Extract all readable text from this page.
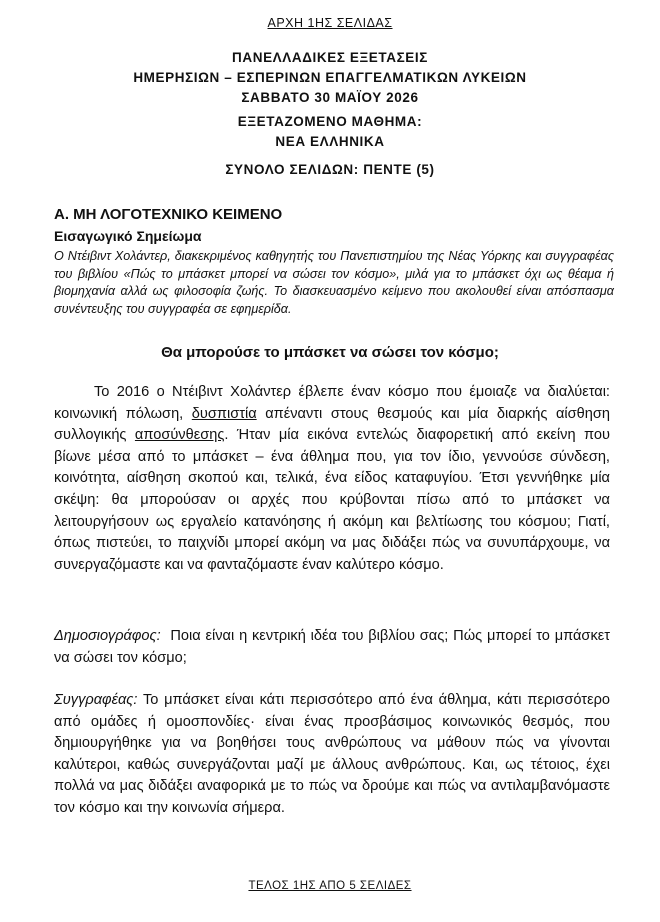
ΑΡΧΗ 1ΗΣ ΣΕΛΙΔΑΣ
ΠΑΝΕΛΛΑΔΙΚΕΣ ΕΞΕΤΑΣΕΙΣ
ΗΜΕΡΗΣΙΩΝ – ΕΣΠΕΡΙΝΩΝ ΕΠΑΓΓΕΛΜΑΤΙΚΩΝ ΛΥΚΕΙΩΝ
ΣΑΒΒΑΤΟ 30 ΜΑΪΟΥ 2026
ΕΞΕΤΑΖΟΜΕΝΟ ΜΑΘΗΜΑ:
ΝΕΑ ΕΛΛΗΝΙΚΑ
ΣΥΝΟΛΟ ΣΕΛΙΔΩΝ: ΠΕΝΤΕ (5)
Α. ΜΗ ΛΟΓΟΤΕΧΝΙΚΟ ΚΕΙΜΕΝΟ
Εισαγωγικό Σημείωμα
Ο Ντέιβιντ Χολάντερ, διακεκριμένος καθηγητής του Πανεπιστημίου της Νέας Υόρκης και συγγραφέας του βιβλίου «Πώς το μπάσκετ μπορεί να σώσει τον κόσμο», μιλά για το μπάσκετ όχι ως θέαμα ή βιομηχανία αλλά ως φιλοσοφία ζωής. Το διασκευασμένο κείμενο που ακολουθεί είναι απόσπασμα συνέντευξης του συγγραφέα σε εφημερίδα.
Θα μπορούσε το μπάσκετ να σώσει τον κόσμο;
Το 2016 ο Ντέιβιντ Χολάντερ έβλεπε έναν κόσμο που έμοιαζε να διαλύεται: κοινωνική πόλωση, δυσπιστία απέναντι στους θεσμούς και μία διαρκής αίσθηση συλλογικής αποσύνθεσης. Ήταν μία εικόνα εντελώς διαφορετική από εκείνη που βίωνε μέσα από το μπάσκετ – ένα άθλημα που, για τον ίδιο, γεννούσε σύνδεση, κοινότητα, αίσθηση σκοπού και, τελικά, ένα είδος καταφυγίου. Έτσι γεννήθηκε μία σκέψη: θα μπορούσαν οι αρχές που κρύβονται πίσω από το μπάσκετ να λειτουργήσουν ως εργαλείο κατανόησης ή ακόμη και βελτίωσης του κόσμου; Γιατί, όπως πιστεύει, το παιχνίδι μπορεί ακόμη να μας διδάξει πώς να συνυπάρχουμε, να συνεργαζόμαστε και να φανταζόμαστε έναν καλύτερο κόσμο.
Δημοσιογράφος: Ποια είναι η κεντρική ιδέα του βιβλίου σας; Πώς μπορεί το μπάσκετ να σώσει τον κόσμο;
Συγγραφέας: Το μπάσκετ είναι κάτι περισσότερο από ένα άθλημα, κάτι περισσότερο από ομάδες ή ομοσπονδίες· είναι ένας προσβάσιμος κοινωνικός θεσμός, που δημιουργήθηκε για να βοηθήσει τους ανθρώπους να μάθουν πώς να γίνονται καλύτεροι, καθώς συνεργάζονται μαζί με άλλους ανθρώπους. Και, ως τέτοιος, έχει πολλά να μας διδάξει αναφορικά με το πώς να δρούμε και πώς να αντιλαμβανόμαστε τον κόσμο και την κοινωνία σήμερα.
ΤΕΛΟΣ 1ΗΣ ΑΠΟ 5 ΣΕΛΙΔΕΣ
